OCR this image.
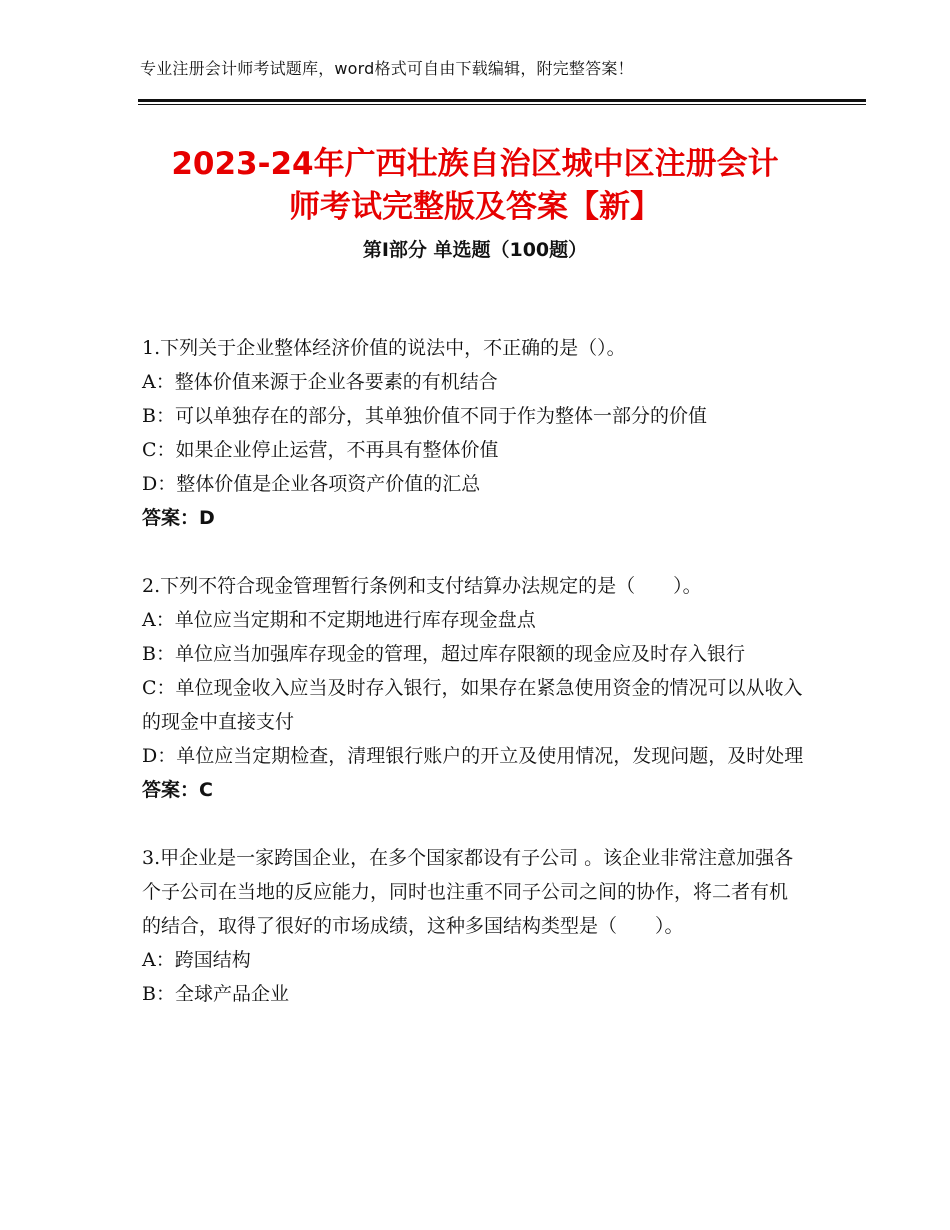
专业注册会计师考试题库，word格式可自由下载编辑，附完整答案！
2023-24年广西壮族自治区城中区注册会计
师考试完整版及答案【新】
第Ⅰ部分 单选题（100题）

1.下列关于企业整体经济价值的说法中，不正确的是（）。

A：整体价值来源于企业各要素的有机结合

B：可以单独存在的部分，其单独价值不同于作为整体一部分的价值

C：如果企业停止运营，不再具有整体价值

D：整体价值是企业各项资产价值的汇总

答案：D

2.下列不符合现金管理暂行条例和支付结算办法规定的是（　　）。

A：单位应当定期和不定期地进行库存现金盘点

B：单位应当加强库存现金的管理，超过库存限额的现金应及时存入银行

C：单位现金收入应当及时存入银行，如果存在紧急使用资金的情况可以从收入的现金中直接支付

D：单位应当定期检查，清理银行账户的开立及使用情况，发现问题，及时处理

答案：C

3.甲企业是一家跨国企业，在多个国家都设有子公司 。该企业非常注意加强各个子公司在当地的反应能力，同时也注重不同子公司之间的协作，将二者有机的结合，取得了很好的市场成绩，这种多国结构类型是（　　）。

A：跨国结构

B：全球产品企业
